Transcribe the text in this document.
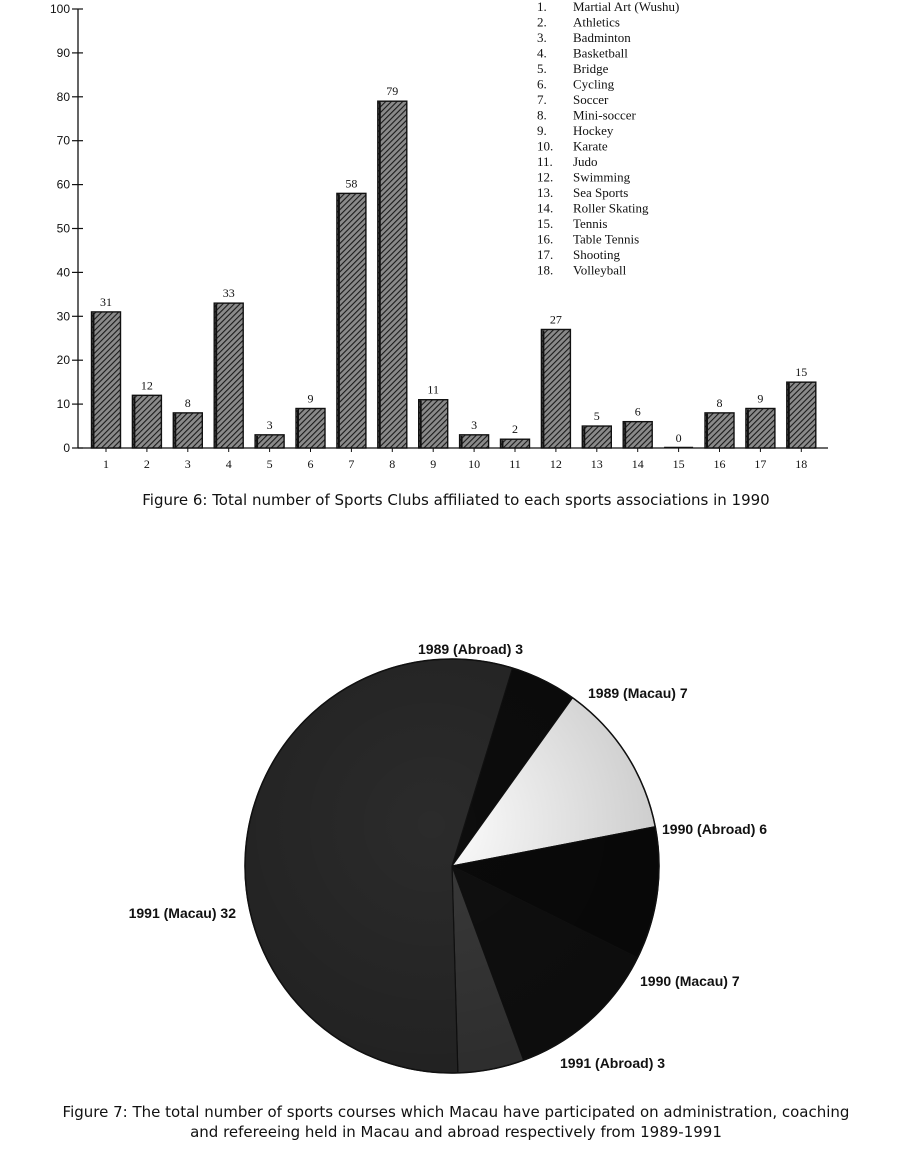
0
10
20
30
40
50
60
70
80
90
100
1	2	3	4	5	6	7	8	9	10 11 12 13 14 15 16 17 18
31
12
8
33
3
9
58
79
11
3	2
27
5	6
0
8	9
15
1. Martial Art (Wushu)
2. Athletics
3. Badminton
4. Basketball
5. Bridge
6. Cycling
7. Soccer
8. Mini-soccer
9. Hockey
10. Karate
11. Judo
12. Swimming
13. Sea Sports
14. Roller Skating
15. Tennis
16. Table Tennis
17. Shooting
18. Volleyball
Figure 6: Total number of Sports Clubs affiliated to each sports associations in 1990
1989 (Abroad) 3
1989 (Macau) 7
1990 (Abroad) 6
1990 (Macau) 7
1991 (Abroad) 3
1991 (Macau) 32
Figure 7: The total number of sports courses which Macau have participated on administration, coaching
and refereeing held in Macau and abroad respectively from 1989-1991
